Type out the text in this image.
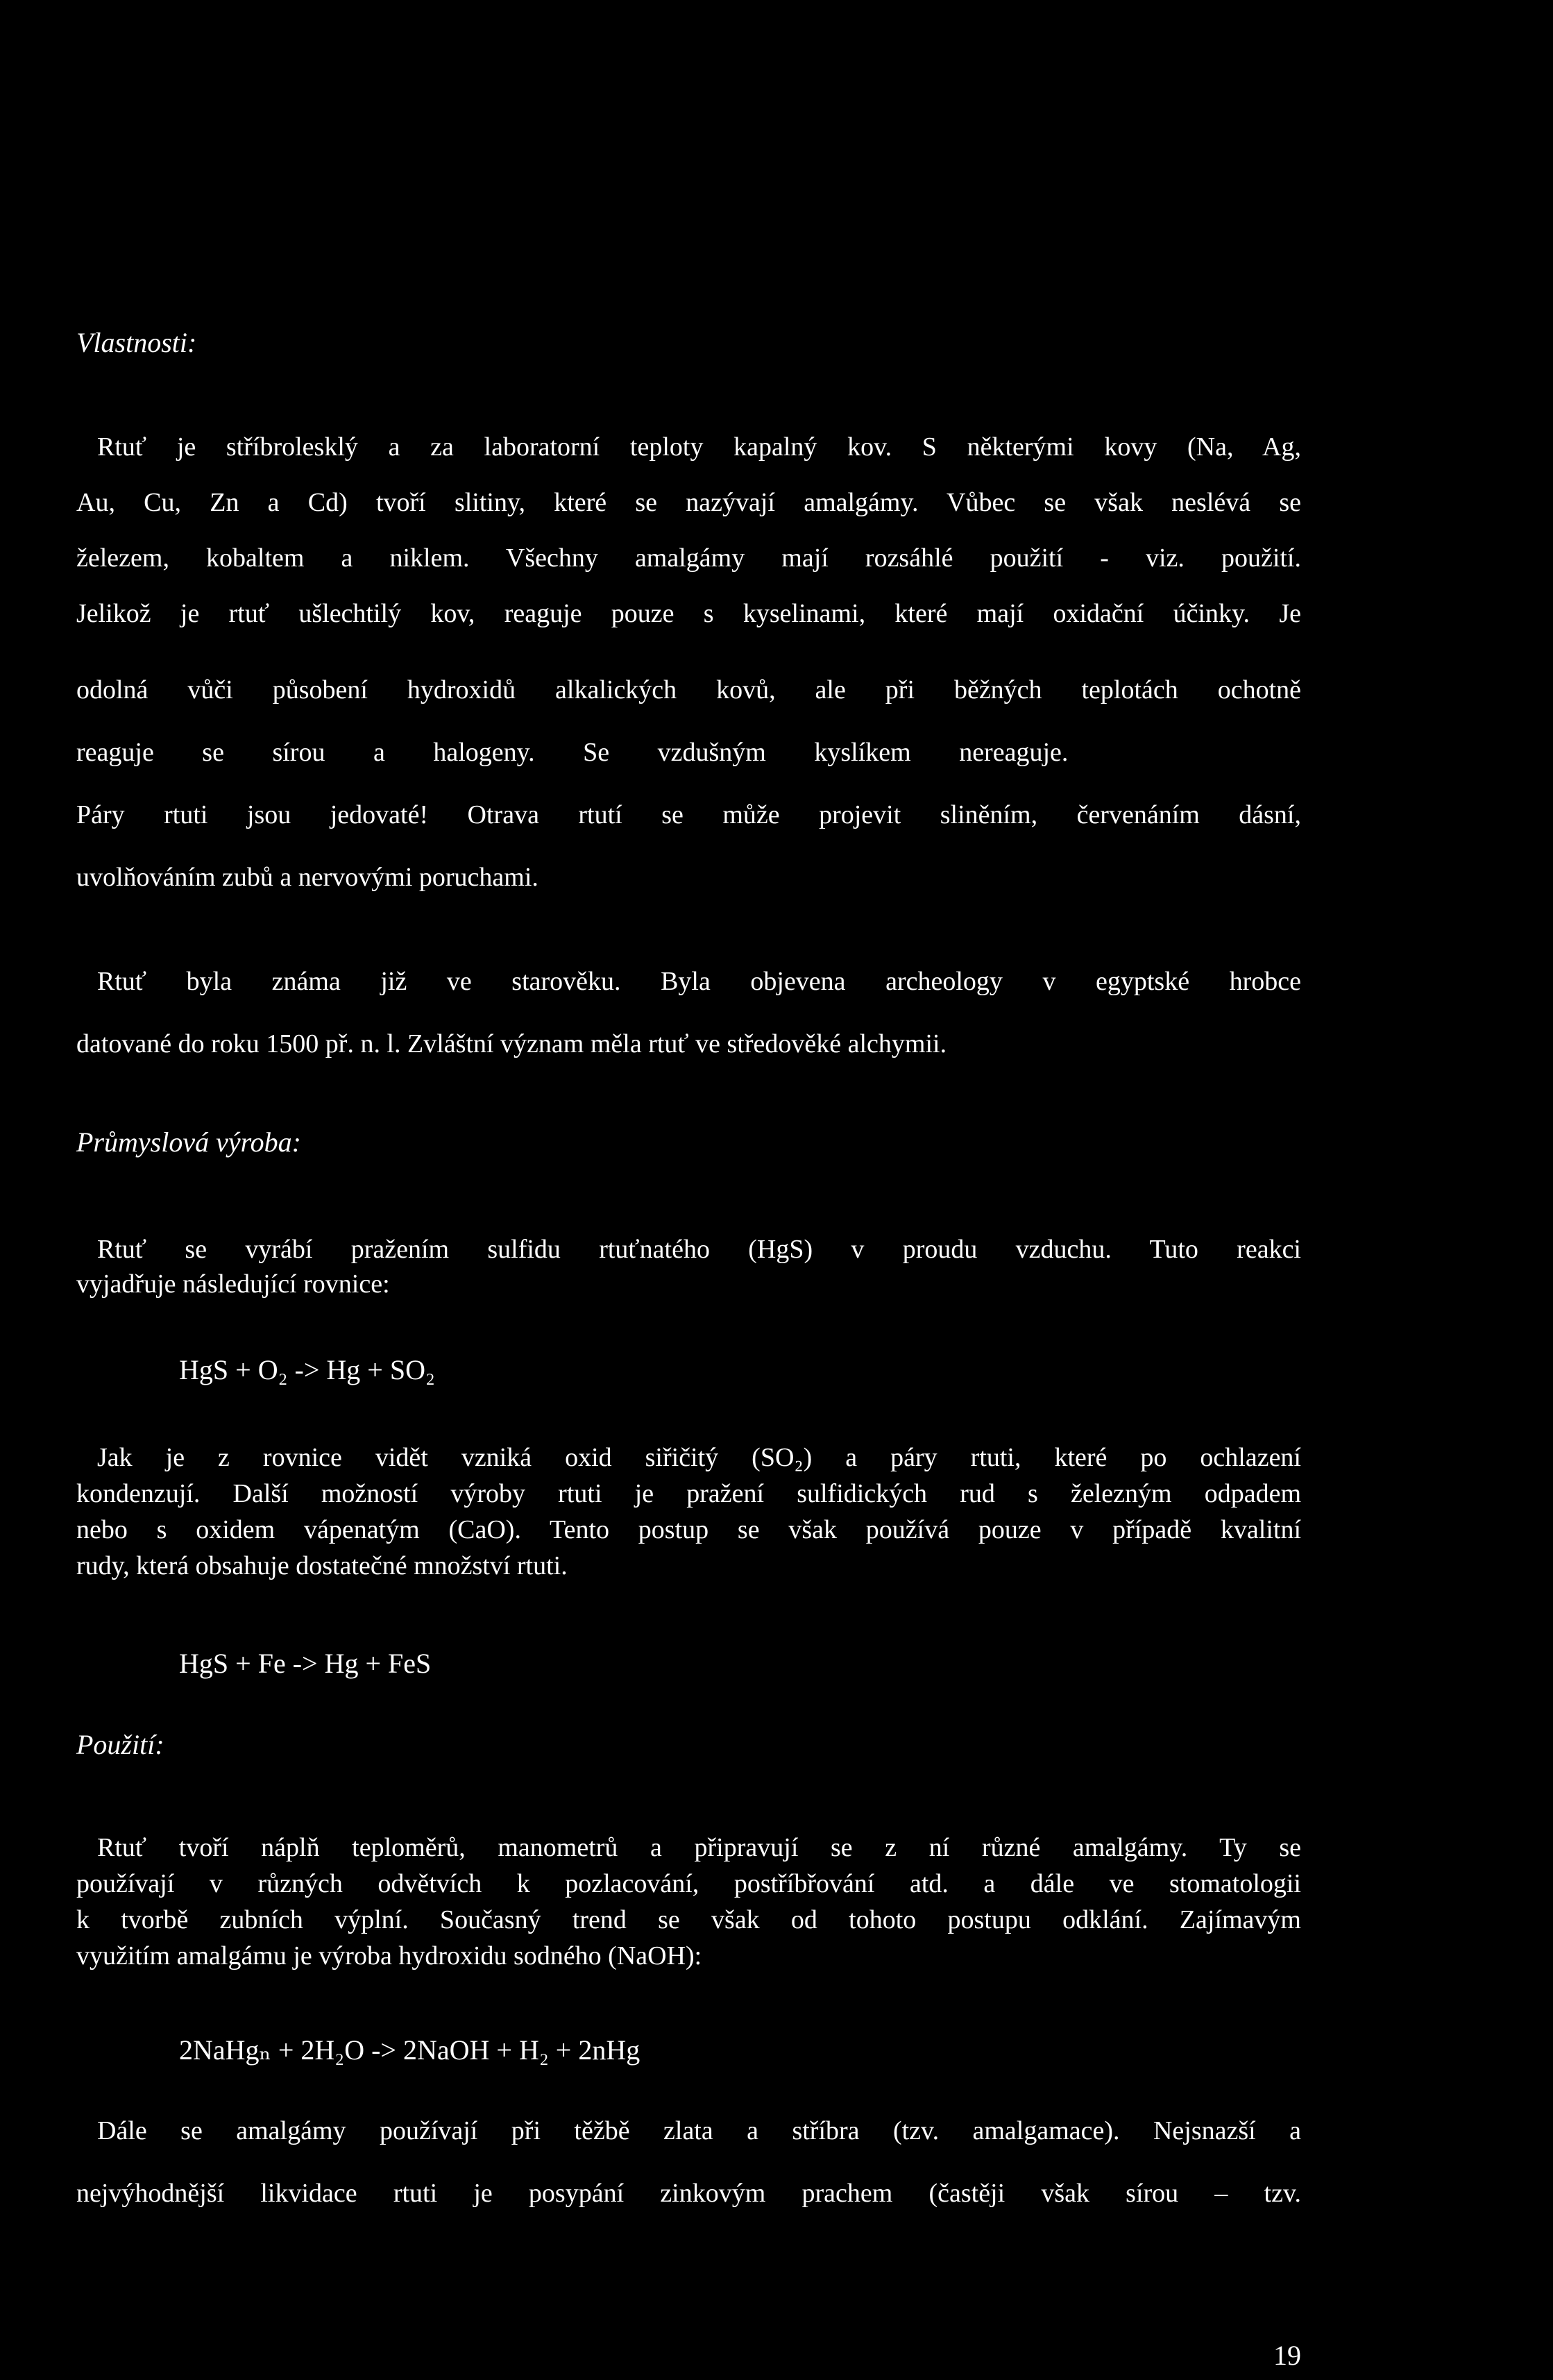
Vlastnosti:
Rtuť je stříbrolesklý a za laboratorní teploty kapalný kov. S některými kovy (Na, Ag,
Au, Cu, Zn a Cd) tvoří slitiny, které se nazývají amalgámy. Vůbec se však neslévá se
železem, kobaltem a niklem. Všechny amalgámy mají rozsáhlé použití - viz. použití.
Jelikož je rtuť ušlechtilý kov, reaguje pouze s kyselinami, které mají oxidační účinky. Je
odolná vůči působení hydroxidů alkalických kovů, ale při běžných teplotách ochotně
reaguje se sírou a halogeny. Se vzdušným kyslíkem nereaguje.
Páry rtuti jsou jedovaté! Otrava rtutí se může projevit sliněním, červenáním dásní,
uvolňováním zubů a nervovými poruchami.
Rtuť byla známa již ve starověku. Byla objevena archeology v egyptské hrobce
datované do roku 1500 př. n. l. Zvláštní význam měla rtuť ve středověké alchymii.
Průmyslová výroba:
Rtuť se vyrábí pražením sulfidu rtuťnatého (HgS) v proudu vzduchu. Tuto reakci
vyjadřuje následující rovnice:
HgS + O₂ -> Hg + SO₂
Jak je z rovnice vidět vzniká oxid siřičitý (SO₂) a páry rtuti, které po ochlazení
kondenzují. Další možností výroby rtuti je pražení sulfidických rud s železným odpadem
nebo s oxidem vápenatým (CaO). Tento postup se však používá pouze v případě kvalitní
rudy, která obsahuje dostatečné množství rtuti.
HgS + Fe -> Hg + FeS
Použití:
Rtuť tvoří náplň teploměrů, manometrů a připravují se z ní různé amalgámy. Ty se
používají v různých odvětvích k pozlacování, postříbřování atd. a dále ve stomatologii
k tvorbě zubních výplní. Současný trend se však od tohoto postupu odklání. Zajímavým
využitím amalgámu je výroba hydroxidu sodného (NaOH):
2NaHgₙ + 2H₂O -> 2NaOH + H₂ + 2nHg
Dále se amalgámy používají při těžbě zlata a stříbra (tzv. amalgamace). Nejsnazší a
nejvýhodnější likvidace rtuti je posypání zinkovým prachem (častěji však sírou – tzv.
19
